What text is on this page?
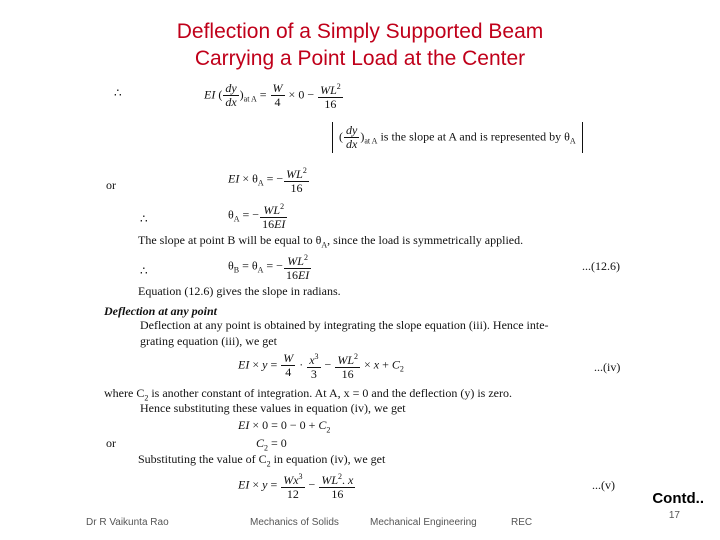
Deflection of a Simply Supported Beam
Carrying a Point Load at the Center
∴	EI ( $\frac{dy}{dx} )_{at A} = \frac{W}{4} \times 0 - \frac{WL^2}{16}$
( $\frac{dy}{dx} )_{at A}$ is the slope at A and is represented by $\theta_A$
or	EI × $\theta_A$ = − $\frac{WL^2}{16}$
∴	$\theta_A$ = − $\frac{WL^2}{16EI}$
The slope at point B will be equal to $\theta_A$, since the load is symmetrically applied.
∴	$\theta_B = \theta_A$ = − $\frac{WL^2}{16EI}$	...(12.6)
Equation (12.6) gives the slope in radians.
Deflection at any point
Deflection at any point is obtained by integrating the slope equation (iii). Hence inte-
grating equation (iii), we get
EI × $y = \frac{W}{4} \cdot \frac{x^3}{3} - \frac{WL^2}{16} \times x + C_2$	...(iv)
where $C_2$ is another constant of integration. At A, x = 0 and the deflection (y) is zero.
Hence substituting these values in equation (iv), we get
EI × $0 = 0 - 0 + C_2$
or	$C_2 = 0$
Substituting the value of $C_2$ in equation (iv), we get
EI × $y = \frac{Wx^3}{12} - \frac{WL^2. x}{16}$	...(v)
Contd..
Dr R Vaikunta Rao	Mechanics of Solids	Mechanical Engineering	REC
17
